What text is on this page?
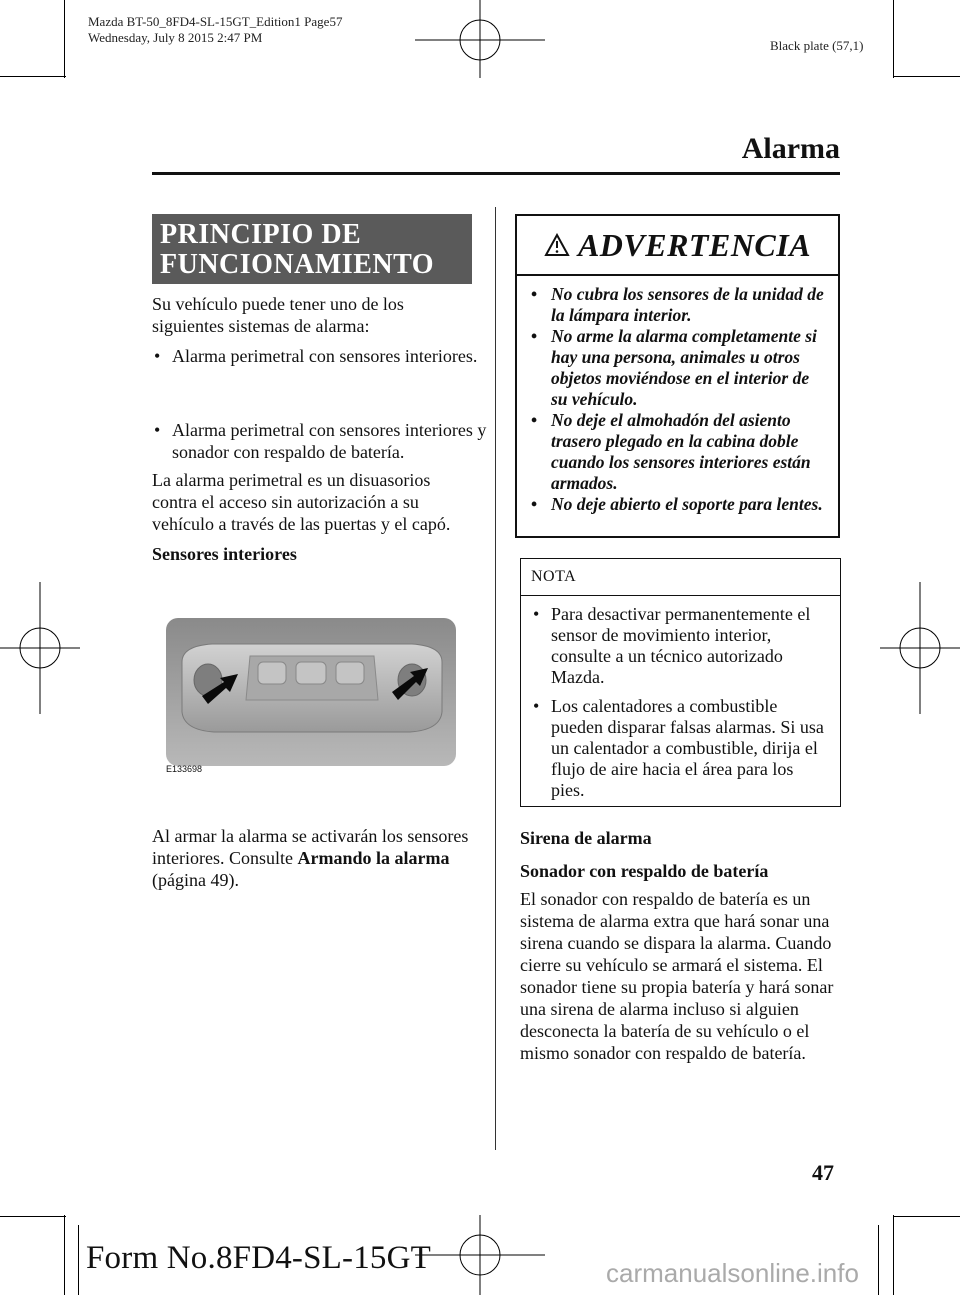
Mazda BT-50_8FD4-SL-15GT_Edition1 Page57
Wednesday, July 8 2015 2:47 PM
Black plate (57,1)
Alarma
PRINCIPIO DE
FUNCIONAMIENTO
Su vehículo puede tener uno de los siguientes sistemas de alarma:
• Alarma perimetral con sensores interiores.
• Alarma perimetral con sensores interiores y sonador con respaldo de batería.
La alarma perimetral es un disuasorios contra el acceso sin autorización a su vehículo a través de las puertas y el capó.
Sensores interiores
E133698
Al armar la alarma se activarán los sensores interiores. Consulte Armando la alarma (página 49).
ADVERTENCIA
• No cubra los sensores de la unidad de la lámpara interior.
• No arme la alarma completamente si hay una persona, animales u otros objetos moviéndose en el interior de su vehículo.
• No deje el almohadón del asiento trasero plegado en la cabina doble cuando los sensores interiores están armados.
• No deje abierto el soporte para lentes.
NOTA
• Para desactivar permanentemente el sensor de movimiento interior, consulte a un técnico autorizado Mazda.
• Los calentadores a combustible pueden disparar falsas alarmas. Si usa un calentador a combustible, dirija el flujo de aire hacia el área para los pies.
Sirena de alarma
Sonador con respaldo de batería
El sonador con respaldo de batería es un sistema de alarma extra que hará sonar una sirena cuando se dispara la alarma. Cuando cierre su vehículo se armará el sistema. El sonador tiene su propia batería y hará sonar una sirena de alarma incluso si alguien desconecta la batería de su vehículo o el mismo sonador con respaldo de batería.
47
Form No.8FD4-SL-15GT	carmanualsonline.info
